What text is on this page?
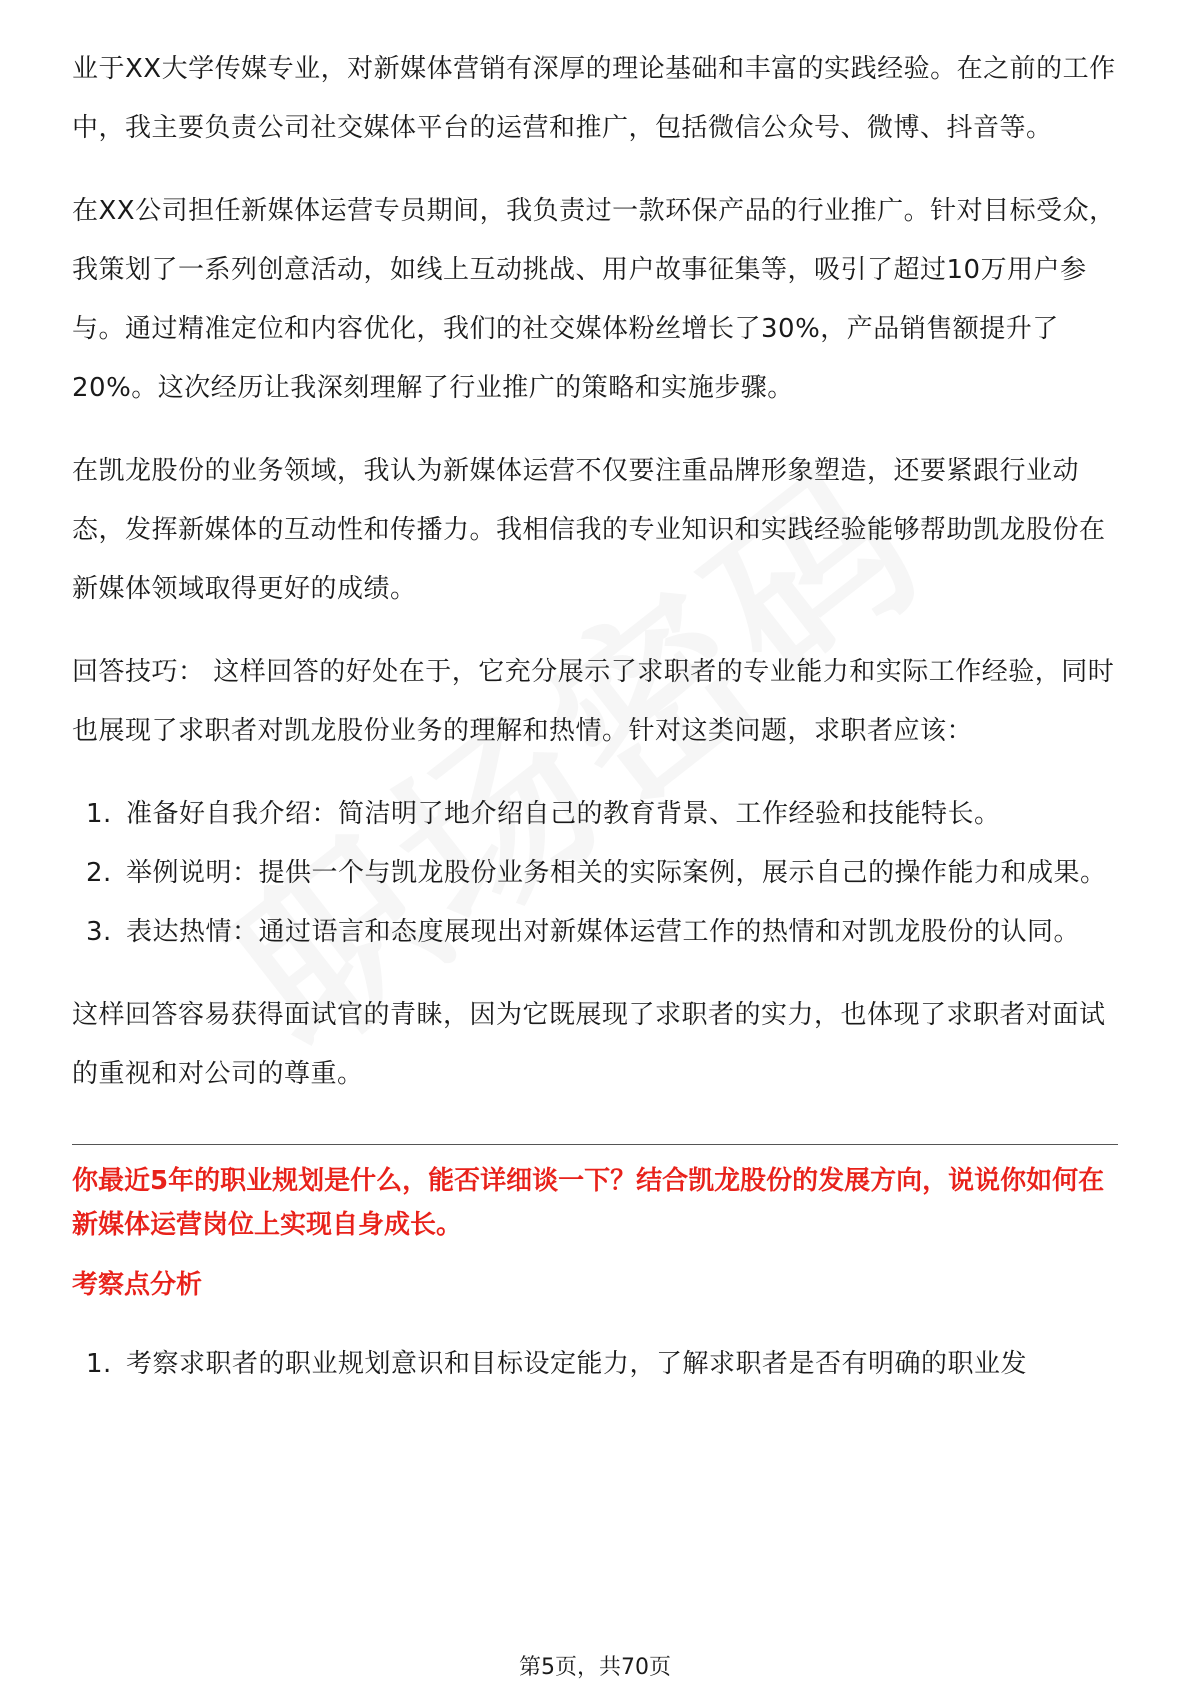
业于XX大学传媒专业，对新媒体营销有深厚的理论基础和丰富的实践经验。在之前的工作中，我主要负责公司社交媒体平台的运营和推广，包括微信公众号、微博、抖音等。

在XX公司担任新媒体运营专员期间，我负责过一款环保产品的行业推广。针对目标受众，我策划了一系列创意活动，如线上互动挑战、用户故事征集等，吸引了超过10万用户参与。通过精准定位和内容优化，我们的社交媒体粉丝增长了30%，产品销售额提升了20%。这次经历让我深刻理解了行业推广的策略和实施步骤。

在凯龙股份的业务领域，我认为新媒体运营不仅要注重品牌形象塑造，还要紧跟行业动态，发挥新媒体的互动性和传播力。我相信我的专业知识和实践经验能够帮助凯龙股份在新媒体领域取得更好的成绩。

回答技巧： 这样回答的好处在于，它充分展示了求职者的专业能力和实际工作经验，同时也展现了求职者对凯龙股份业务的理解和热情。针对这类问题，求职者应该：

1. 准备好自我介绍：简洁明了地介绍自己的教育背景、工作经验和技能特长。
2. 举例说明：提供一个与凯龙股份业务相关的实际案例，展示自己的操作能力和成果。
3. 表达热情：通过语言和态度展现出对新媒体运营工作的热情和对凯龙股份的认同。

这样回答容易获得面试官的青睐，因为它既展现了求职者的实力，也体现了求职者对面试的重视和对公司的尊重。

你最近5年的职业规划是什么，能否详细谈一下？结合凯龙股份的发展方向，说说你如何在新媒体运营岗位上实现自身成长。

考察点分析

1. 考察求职者的职业规划意识和目标设定能力，了解求职者是否有明确的职业发
第5页，共70页
